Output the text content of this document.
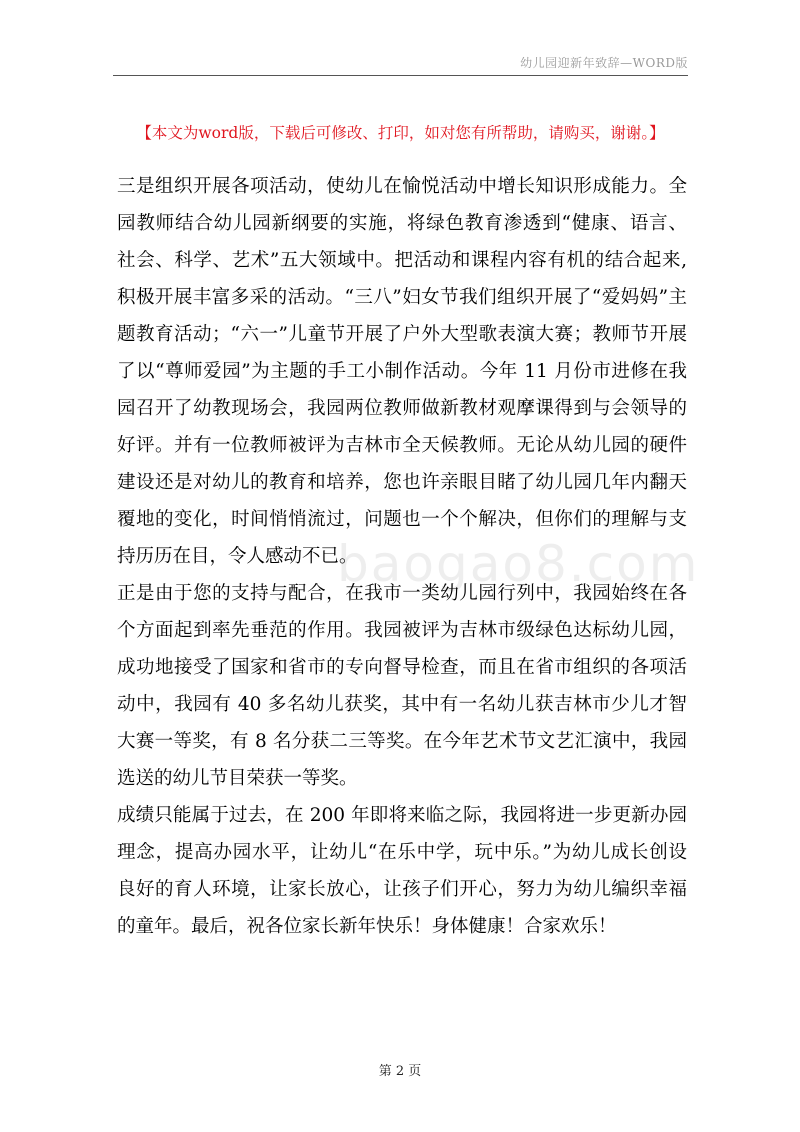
幼儿园迎新年致辞—WORD版
【本文为word版，下载后可修改、打印，如对您有所帮助，请购买，谢谢。】
baogao8.com
三是组织开展各项活动，使幼儿在愉悦活动中增长知识形成能力。全
园教师结合幼儿园新纲要的实施，将绿色教育渗透到“健康、语言、
社会、科学、艺术”五大领域中。把活动和课程内容有机的结合起来,
积极开展丰富多采的活动。“三八”妇女节我们组织开展了“爱妈妈”主
题教育活动；“六一”儿童节开展了户外大型歌表演大赛；教师节开展
了以“尊师爱园”为主题的手工小制作活动。今年 11 月份市进修在我
园召开了幼教现场会，我园两位教师做新教材观摩课得到与会领导的
好评。并有一位教师被评为吉林市全天候教师。无论从幼儿园的硬件
建设还是对幼儿的教育和培养，您也许亲眼目睹了幼儿园几年内翻天
覆地的变化，时间悄悄流过，问题也一个个解决，但你们的理解与支
持历历在目，令人感动不已。
正是由于您的支持与配合，在我市一类幼儿园行列中，我园始终在各
个方面起到率先垂范的作用。我园被评为吉林市级绿色达标幼儿园，
成功地接受了国家和省市的专向督导检查，而且在省市组织的各项活
动中，我园有 40 多名幼儿获奖，其中有一名幼儿获吉林市少儿才智
大赛一等奖，有 8 名分获二三等奖。在今年艺术节文艺汇演中，我园
选送的幼儿节目荣获一等奖。
成绩只能属于过去，在 200 年即将来临之际，我园将进一步更新办园
理念，提高办园水平，让幼儿“在乐中学，玩中乐。”为幼儿成长创设
良好的育人环境，让家长放心，让孩子们开心，努力为幼儿编织幸福
的童年。最后，祝各位家长新年快乐！身体健康！合家欢乐！
第 2 页
